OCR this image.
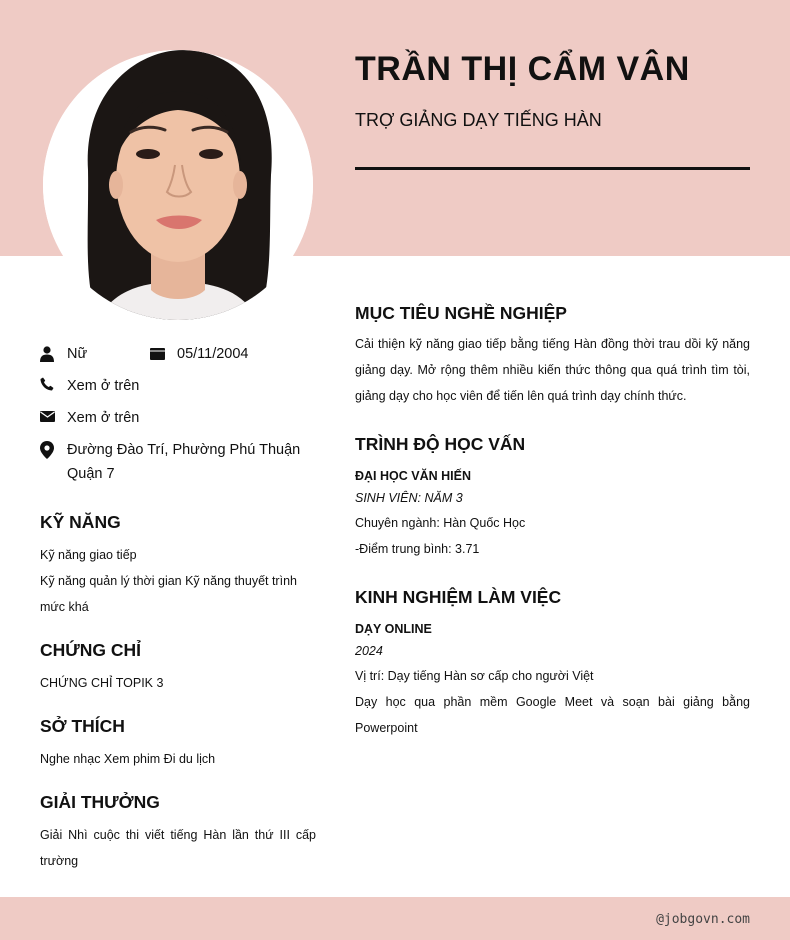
TRẦN THỊ CẨM VÂN
TRỢ GIẢNG DẠY TIẾNG HÀN
Nữ	05/11/2004
Xem ở trên
Xem ở trên
Đường Đào Trí, Phường Phú Thuận
Quận 7
KỸ NĂNG
Kỹ năng giao tiếp
Kỹ năng quản lý thời gian Kỹ năng thuyết trình
mức khá
CHỨNG CHỈ
CHỨNG CHỈ TOPIK 3
SỞ THÍCH
Nghe nhạc Xem phim Đi du lịch
GIẢI THƯỞNG
Giải Nhì cuộc thi viết tiếng Hàn lần thứ III cấp
trường
MỤC TIÊU NGHỀ NGHIỆP
Cải thiện kỹ năng giao tiếp bằng tiếng Hàn đồng thời trau dồi kỹ năng giảng dạy. Mở rộng thêm nhiều kiến thức thông qua quá trình tìm tòi, giảng dạy cho học viên để tiến lên quá trình dạy chính thức.
TRÌNH ĐỘ HỌC VẤN
ĐẠI HỌC VĂN HIẾN
SINH VIÊN: NĂM 3
Chuyên ngành: Hàn Quốc Học
-Điểm trung bình: 3.71
KINH NGHIỆM LÀM VIỆC
DẠY ONLINE
2024
Vị trí: Dạy tiếng Hàn sơ cấp cho người Việt
Dạy học qua phần mềm Google Meet và soạn bài giảng bằng Powerpoint
@jobgovn.com
